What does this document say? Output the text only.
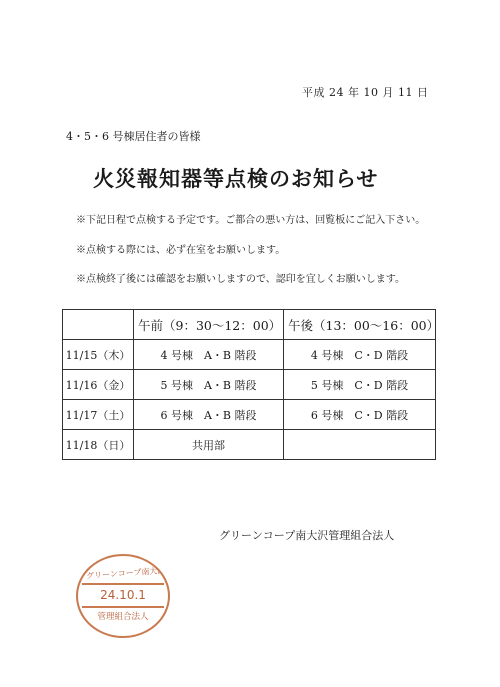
平成 24 年 10 月 11 日
4・5・6 号棟居住者の皆様
火災報知器等点検のお知らせ
※下記日程で点検する予定です。ご都合の悪い方は、回覧板にご記入下さい。
※点検する際には、必ず在室をお願いします。
※点検終了後には確認をお願いしますので、認印を宜しくお願いします。
	午前（9：30〜12：00）	午後（13：00〜16：00）
11/15（木）	4 号棟　A・B 階段	4 号棟　C・D 階段
11/16（金）	5 号棟　A・B 階段	5 号棟　C・D 階段
11/17（土）	6 号棟　A・B 階段	6 号棟　C・D 階段
11/18（日）	共用部	
グリーンコープ南大沢管理組合法人
グリーンコープ南大沢
24.10.1
管理組合法人
